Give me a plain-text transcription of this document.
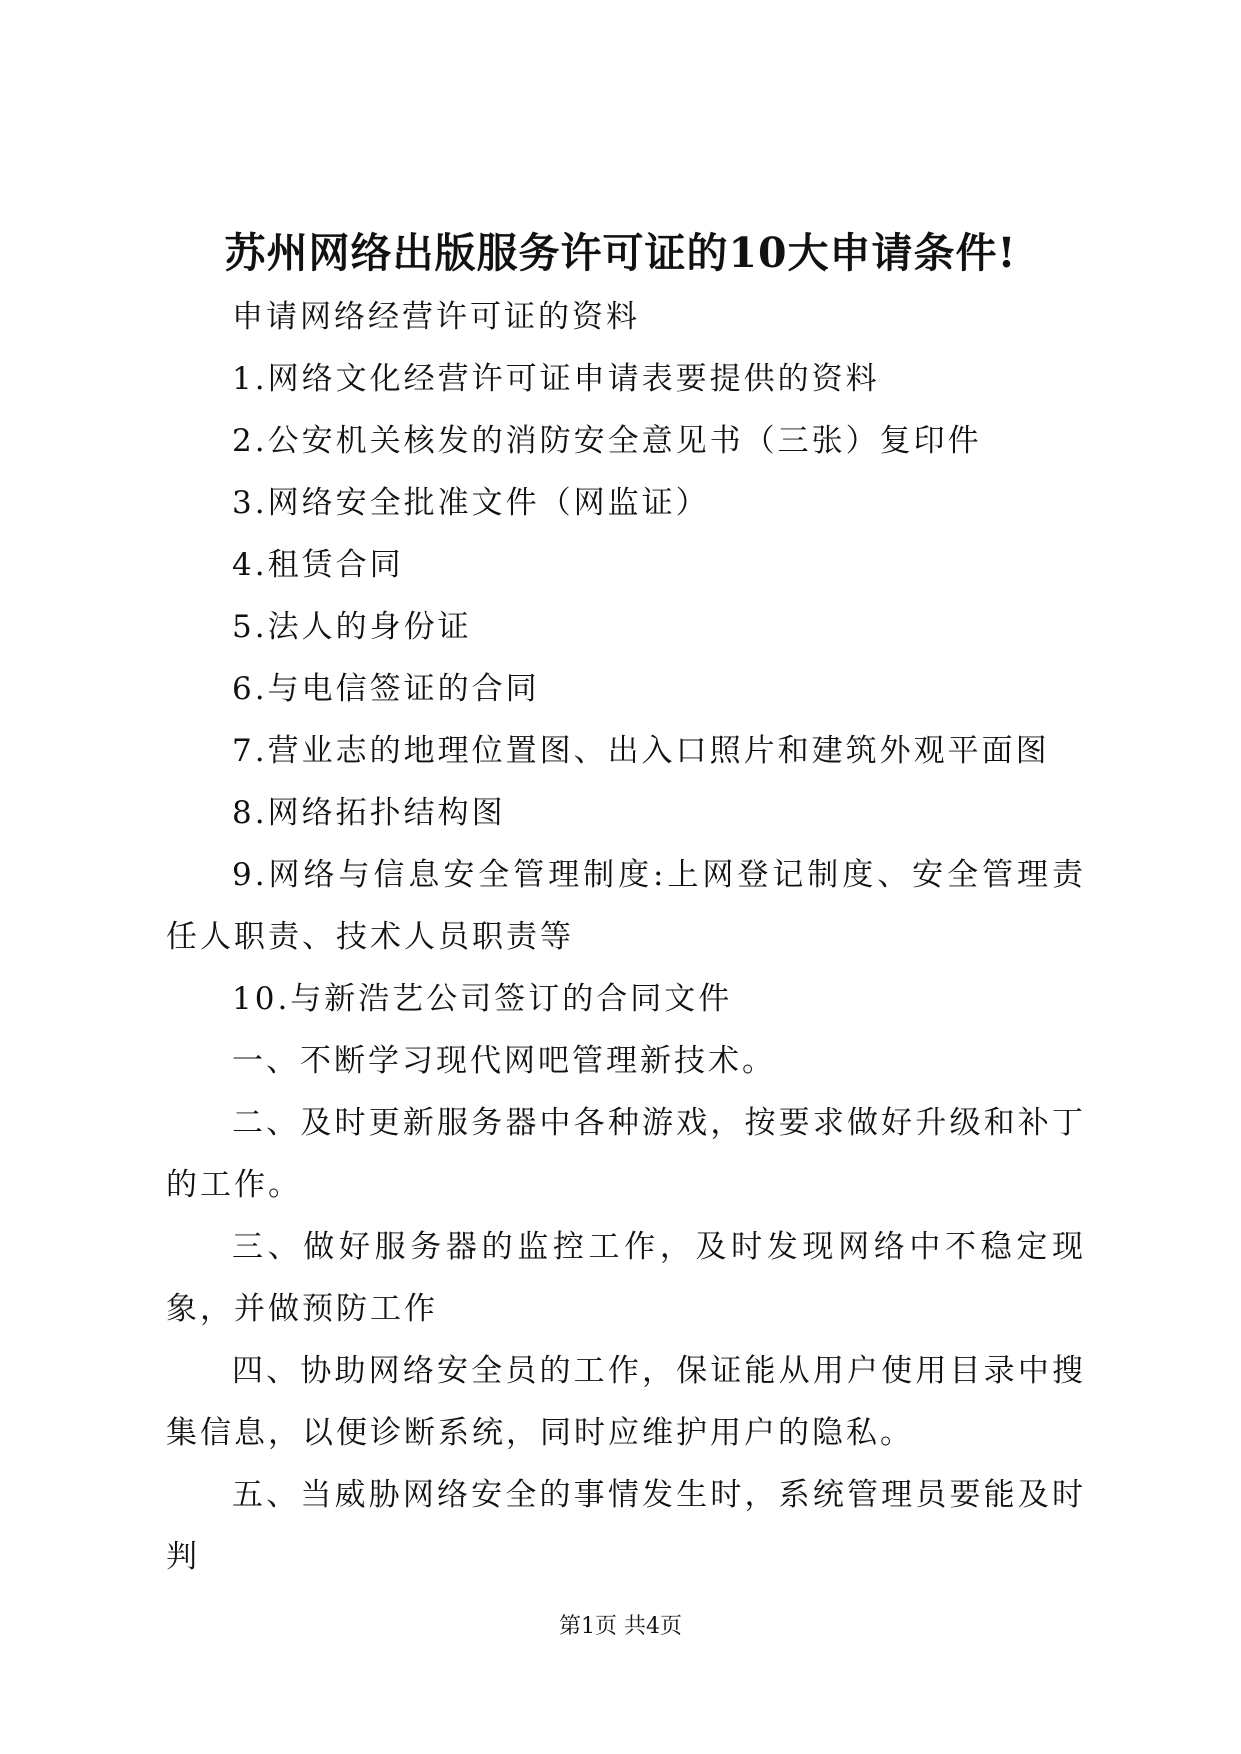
苏州网络出版服务许可证的10大申请条件!

申请网络经营许可证的资料

1.网络文化经营许可证申请表要提供的资料

2.公安机关核发的消防安全意见书（三张）复印件

3.网络安全批准文件（网监证）

4.租赁合同

5.法人的身份证

6.与电信签证的合同

7.营业志的地理位置图、出入口照片和建筑外观平面图

8.网络拓扑结构图

9.网络与信息安全管理制度:上网登记制度、安全管理责任人职责、技术人员职责等

10.与新浩艺公司签订的合同文件

一、不断学习现代网吧管理新技术。

二、及时更新服务器中各种游戏，按要求做好升级和补丁的工作。

三、做好服务器的监控工作，及时发现网络中不稳定现象，并做预防工作

四、协助网络安全员的工作，保证能从用户使用目录中搜集信息，以便诊断系统，同时应维护用户的隐私。

五、当威胁网络安全的事情发生时，系统管理员要能及时判

第1页 共4页
